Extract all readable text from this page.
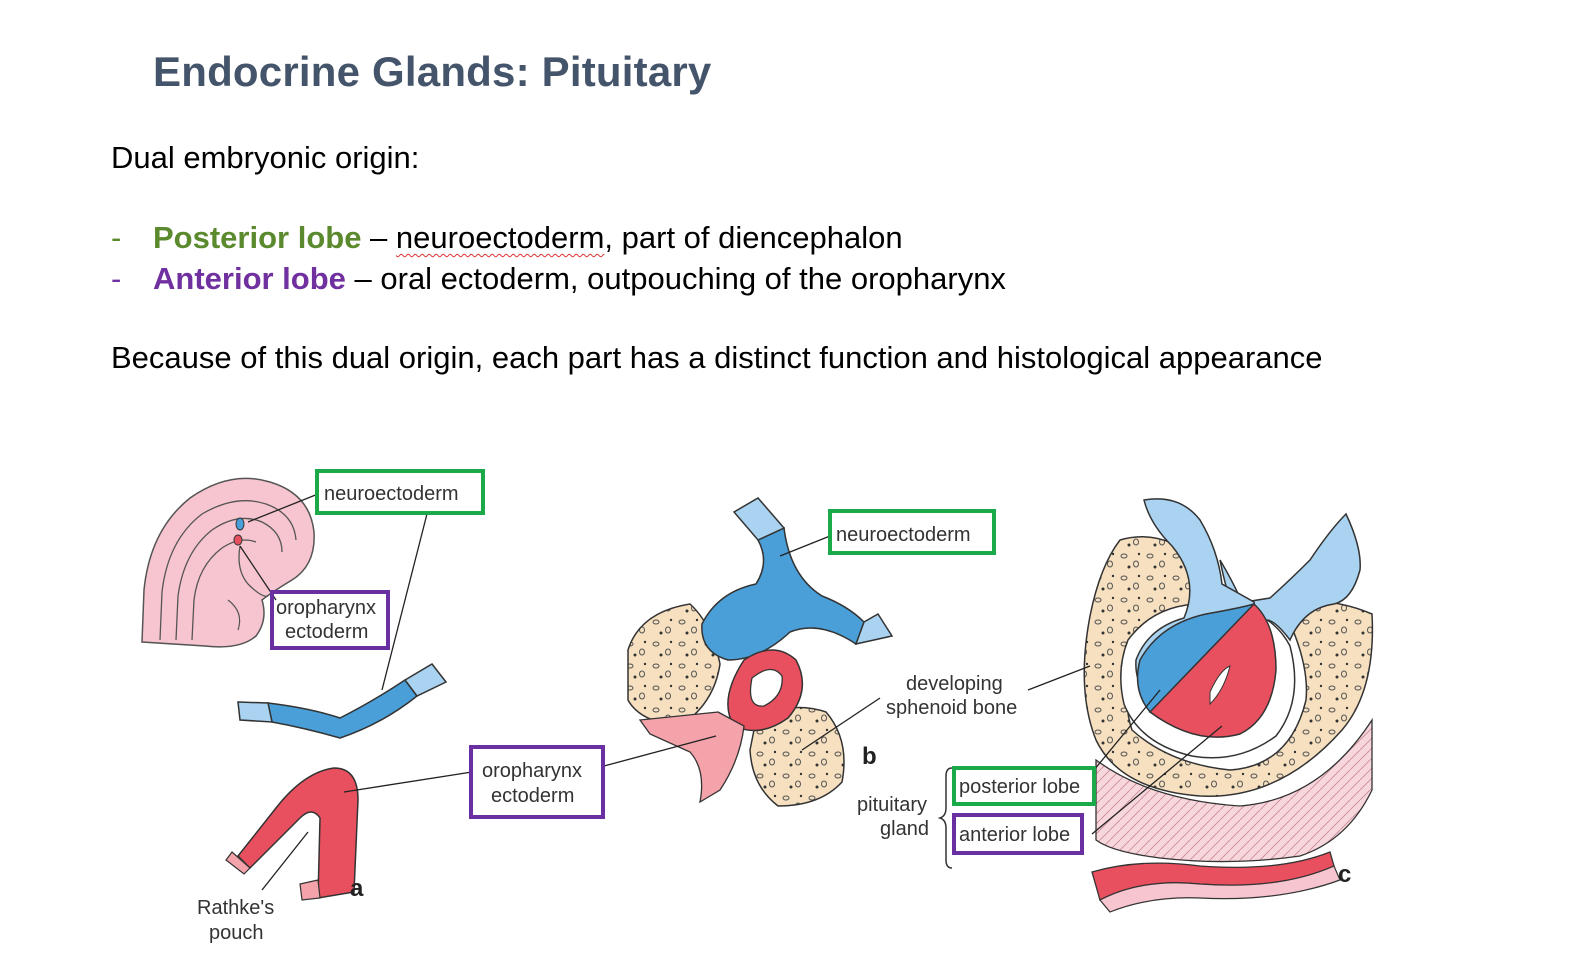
Endocrine Glands: Pituitary
Dual embryonic origin:
- Posterior lobe – neuroectoderm, part of diencephalon
- Anterior lobe – oral ectoderm, outpouching of the oropharynx
Because of this dual origin, each part has a distinct function and histological appearance
neuroectoderm
oropharynx
ectoderm
Rathke's
pouch
oropharynx
ectoderm
neuroectoderm
developing
sphenoid bone
pituitary
gland
posterior lobe
anterior lobe
a
b
c
